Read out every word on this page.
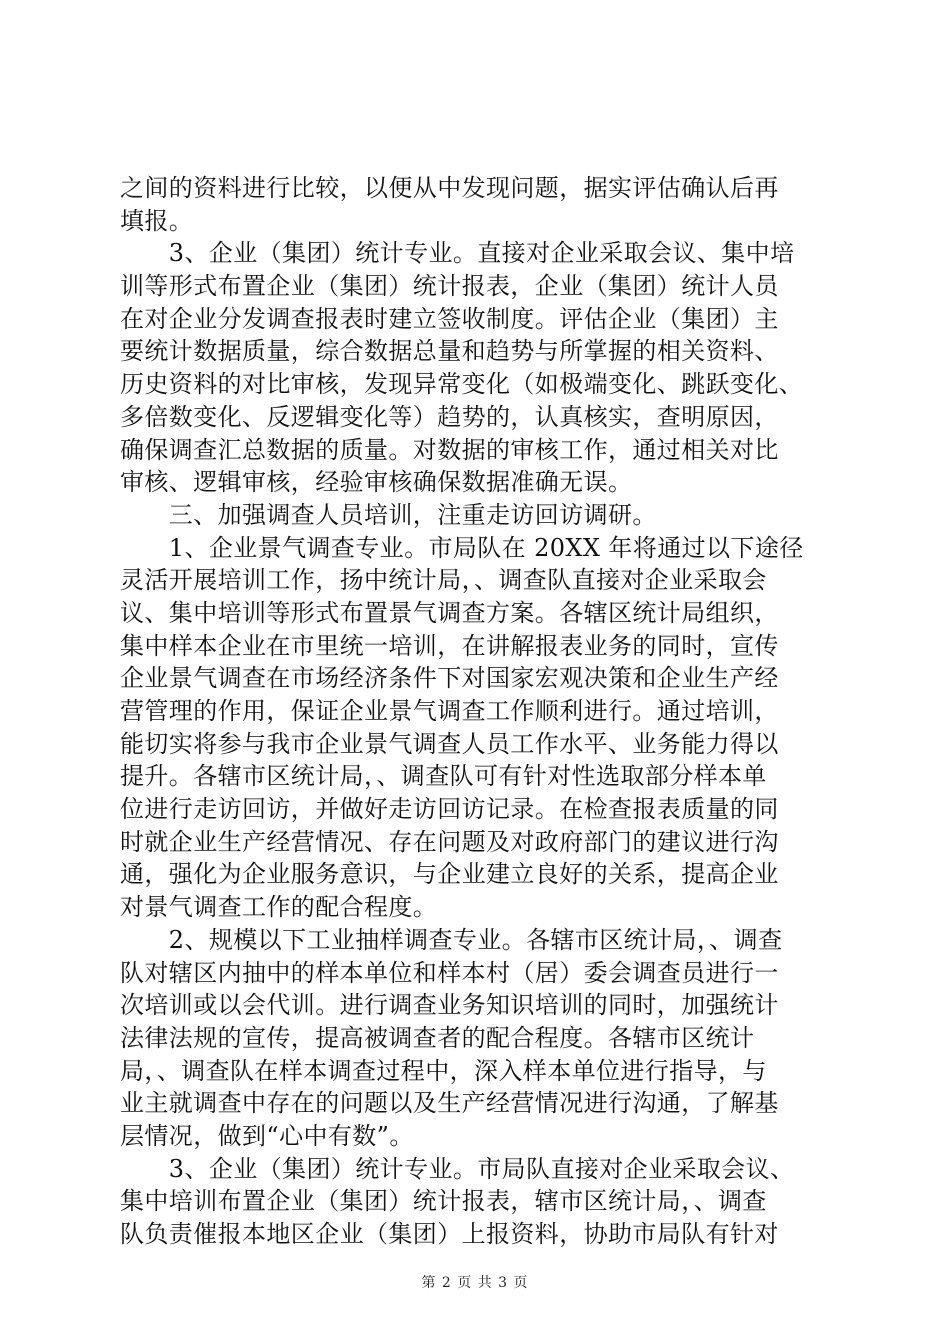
之间的资料进行比较，以便从中发现问题，据实评估确认后再
填报。
　　3、企业（集团）统计专业。直接对企业采取会议、集中培
训等形式布置企业（集团）统计报表，企业（集团）统计人员
在对企业分发调查报表时建立签收制度。评估企业（集团）主
要统计数据质量，综合数据总量和趋势与所掌握的相关资料、
历史资料的对比审核，发现异常变化（如极端变化、跳跃变化、
多倍数变化、反逻辑变化等）趋势的，认真核实，查明原因，
确保调查汇总数据的质量。对数据的审核工作，通过相关对比
审核、逻辑审核，经验审核确保数据准确无误。
　　三、加强调查人员培训，注重走访回访调研。
　　1、企业景气调查专业。市局队在 20XX 年将通过以下途径
灵活开展培训工作，扬中统计局，、调查队直接对企业采取会
议、集中培训等形式布置景气调查方案。各辖区统计局组织，
集中样本企业在市里统一培训，在讲解报表业务的同时，宣传
企业景气调查在市场经济条件下对国家宏观决策和企业生产经
营管理的作用，保证企业景气调查工作顺利进行。通过培训，
能切实将参与我市企业景气调查人员工作水平、业务能力得以
提升。各辖市区统计局，、调查队可有针对性选取部分样本单
位进行走访回访，并做好走访回访记录。在检查报表质量的同
时就企业生产经营情况、存在问题及对政府部门的建议进行沟
通，强化为企业服务意识，与企业建立良好的关系，提高企业
对景气调查工作的配合程度。
　　2、规模以下工业抽样调查专业。各辖市区统计局，、调查
队对辖区内抽中的样本单位和样本村（居）委会调查员进行一
次培训或以会代训。进行调查业务知识培训的同时，加强统计
法律法规的宣传，提高被调查者的配合程度。各辖市区统计
局，、调查队在样本调查过程中，深入样本单位进行指导，与
业主就调查中存在的问题以及生产经营情况进行沟通，了解基
层情况，做到“心中有数”。
　　3、企业（集团）统计专业。市局队直接对企业采取会议、
集中培训布置企业（集团）统计报表，辖市区统计局，、调查
队负责催报本地区企业（集团）上报资料，协助市局队有针对
第 2 页 共 3 页
